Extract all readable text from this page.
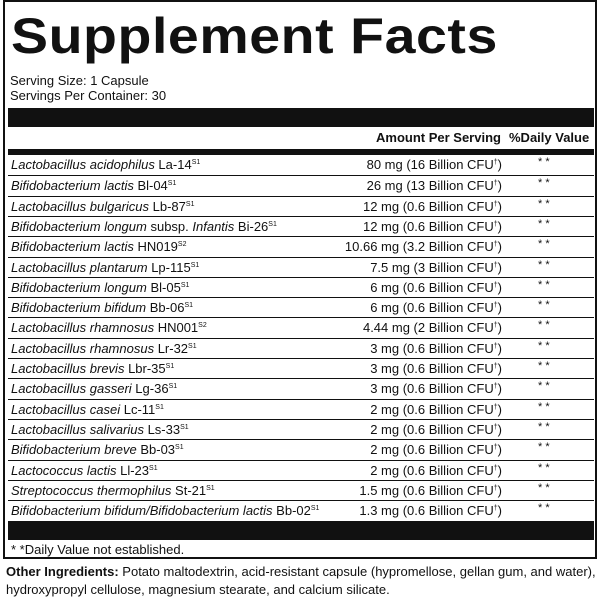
Supplement Facts
Serving Size: 1 Capsule
Servings Per Container: 30
Amount Per Serving %Daily Value
Lactobacillus acidophilus $La-14^{S1}$	80 mg (16 Billion CFU†)	* *
Bifidobacterium lactis $Bl-04^{S1}$	26 mg (13 Billion CFU†)	* *
Lactobacillus bulgaricus $Lb-87^{S1}$	12 mg (0.6 Billion CFU†)	* *
Bifidobacterium longum subsp. Infantis $Bi-26^{S1}$	12 mg (0.6 Billion CFU†)	* *
Bifidobacterium lactis $HN019^{S2}$	10.66 mg (3.2 Billion CFU†)	* *
Lactobacillus plantarum $Lp-115^{S1}$	7.5 mg (3 Billion CFU†)	* *
Bifidobacterium longum $Bl-05^{S1}$	6 mg (0.6 Billion CFU†)	* *
Bifidobacterium bifidum $Bb-06^{S1}$	6 mg (0.6 Billion CFU†)	* *
Lactobacillus rhamnosus $HN001^{S2}$	4.44 mg (2 Billion CFU†)	* *
Lactobacillus rhamnosus $Lr-32^{S1}$	3 mg (0.6 Billion CFU†)	* *
Lactobacillus brevis Lbr-$35^{S1}$	3 mg (0.6 Billion CFU†)	* *
Lactobacillus gasseri $Lg-36^{S1}$	3 mg (0.6 Billion CFU†)	* *
Lactobacillus casei $Lc-11^{S1}$	2 mg (0.6 Billion CFU†)	* *
Lactobacillus salivarius $Ls-33^{S1}$	2 mg (0.6 Billion CFU†)	* *
Bifidobacterium breve $Bb-03^{S1}$	2 mg (0.6 Billion CFU†)	* *
Lactococcus lactis $Ll-23^{S1}$	2 mg (0.6 Billion CFU†)	* *
Streptococcus thermophilus $St-21^{S1}$	1.5 mg (0.6 Billion CFU†)	* *
Bifidobacterium bifidum/Bifidobacterium lactis $Bb-02^{S1}$	1.3 mg (0.6 Billion CFU†)	* *
* *Daily Value not established.
Other Ingredients: Potato maltodextrin, acid-resistant capsule (hypromellose, gellan gum, and water), hydroxypropyl cellulose, magnesium stearate, and calcium silicate.
